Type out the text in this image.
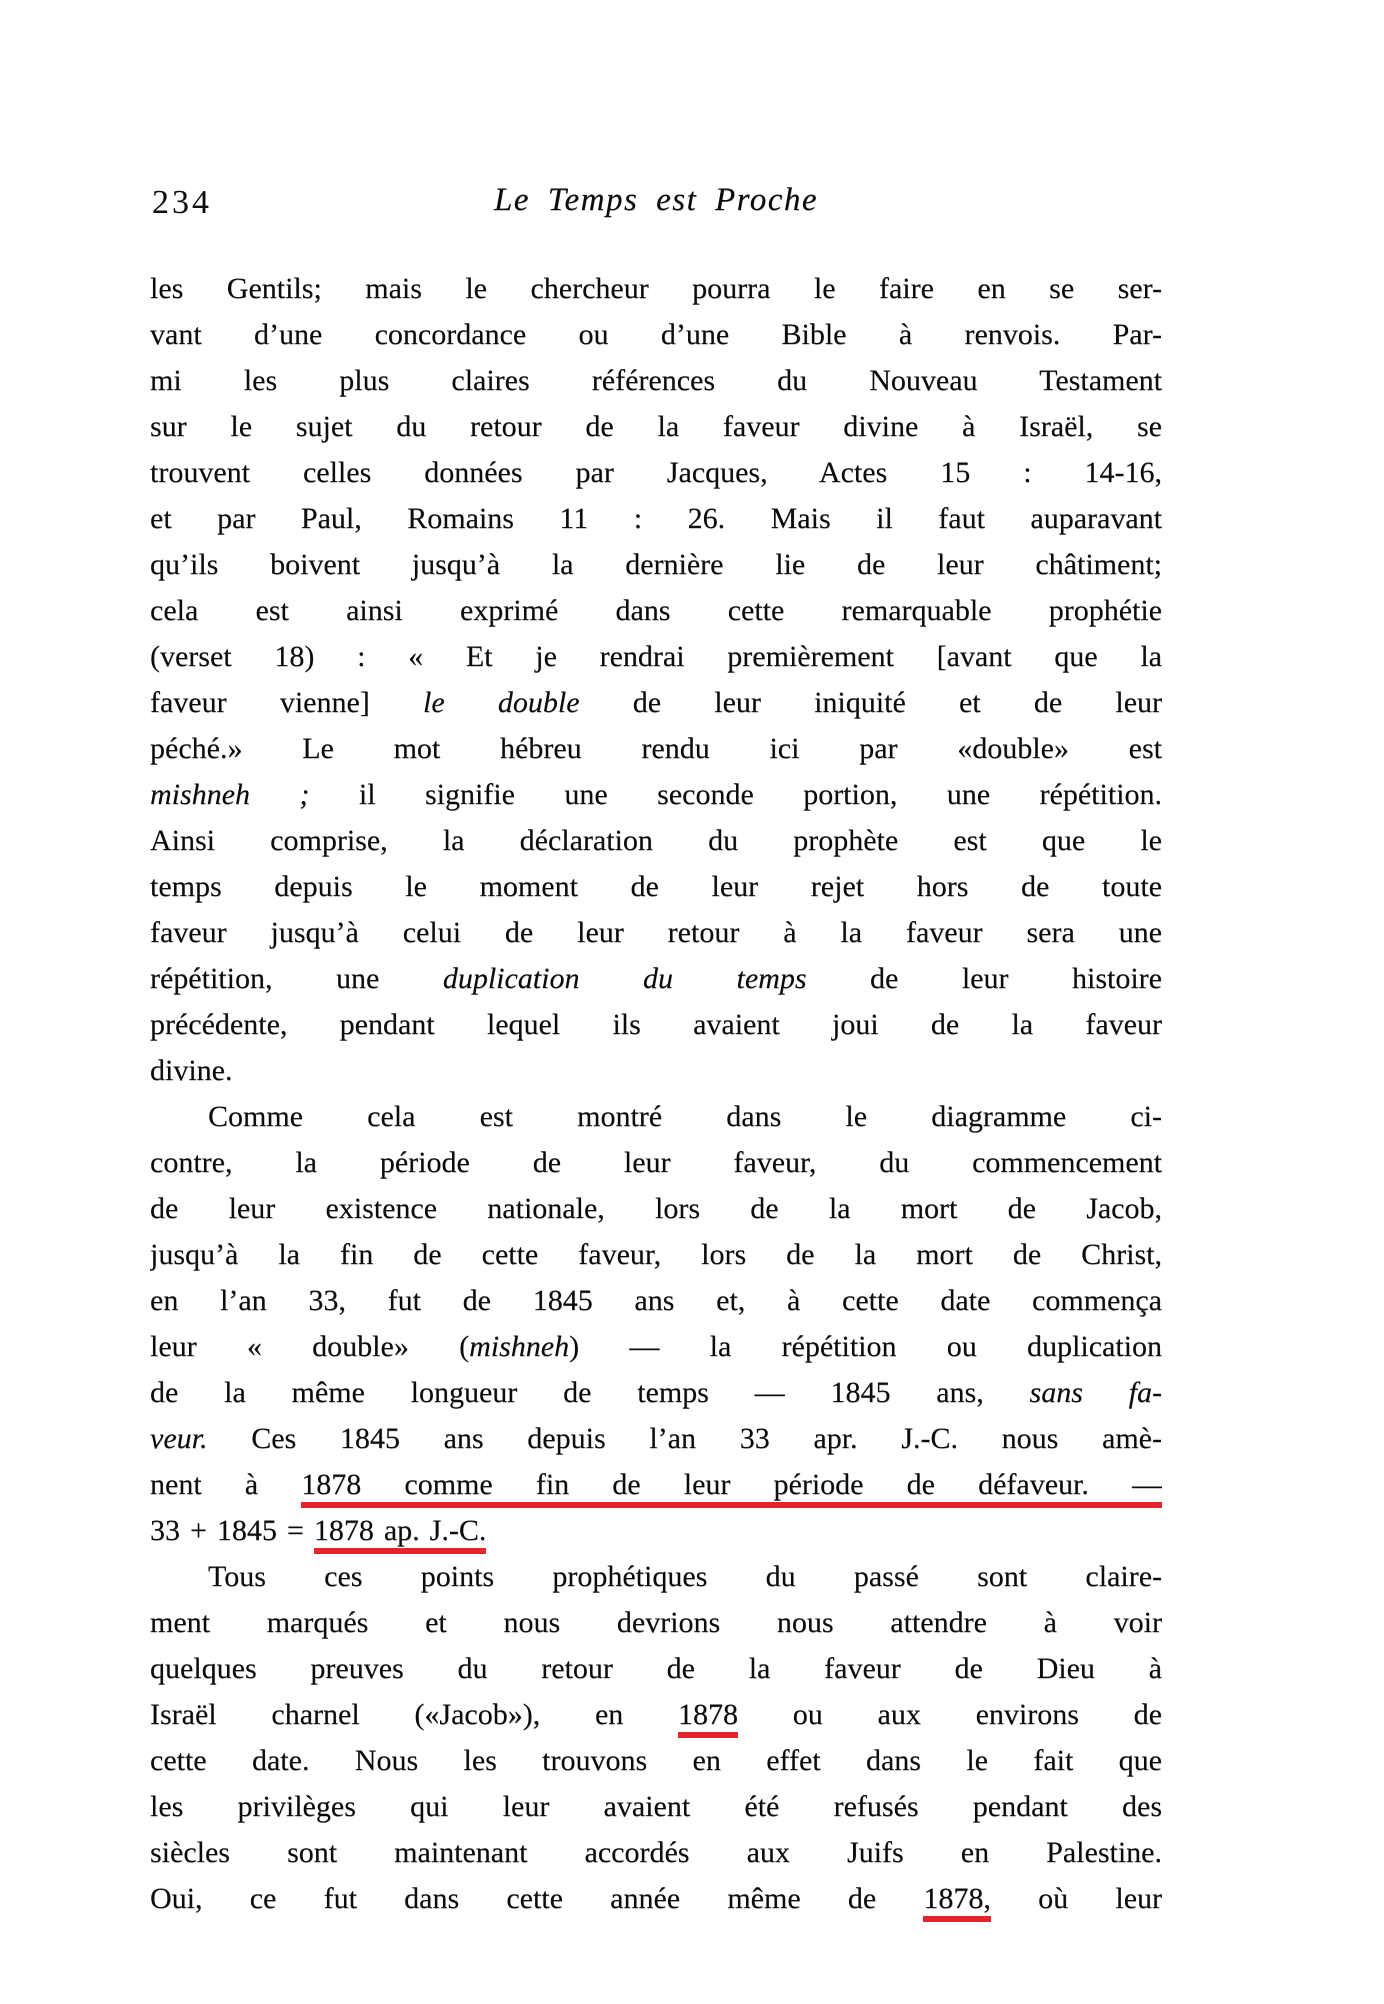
234	Le Temps est Proche
les Gentils; mais le chercheur pourra le faire en se ser-
vant d’une concordance ou d’une Bible à renvois. Par-
mi les plus claires références du Nouveau Testament
sur le sujet du retour de la faveur divine à Israël, se
trouvent celles données par Jacques, Actes 15 : 14-16,
et par Paul, Romains 11 : 26. Mais il faut auparavant
qu’ils boivent jusqu’à la dernière lie de leur châtiment;
cela est ainsi exprimé dans cette remarquable prophétie
(verset 18) : « Et je rendrai premièrement [avant que la
faveur vienne] le double de leur iniquité et de leur
péché.» Le mot hébreu rendu ici par «double» est
mishneh ; il signifie une seconde portion, une répétition.
Ainsi comprise, la déclaration du prophète est que le
temps depuis le moment de leur rejet hors de toute
faveur jusqu’à celui de leur retour à la faveur sera une
répétition, une duplication du temps de leur histoire
précédente, pendant lequel ils avaient joui de la faveur
divine.
Comme cela est montré dans le diagramme ci-
contre, la période de leur faveur, du commencement
de leur existence nationale, lors de la mort de Jacob,
jusqu’à la fin de cette faveur, lors de la mort de Christ,
en l’an 33, fut de 1845 ans et, à cette date commença
leur « double» (mishneh) — la répétition ou duplication
de la même longueur de temps — 1845 ans, sans fa-
veur. Ces 1845 ans depuis l’an 33 apr. J.-C. nous amè-
nent à 1878 comme fin de leur période de défaveur. —
33 + 1845 = 1878 ap. J.-C.
Tous ces points prophétiques du passé sont claire-
ment marqués et nous devrions nous attendre à voir
quelques preuves du retour de la faveur de Dieu à
Israël charnel («Jacob»), en 1878 ou aux environs de
cette date. Nous les trouvons en effet dans le fait que
les privilèges qui leur avaient été refusés pendant des
siècles sont maintenant accordés aux Juifs en Palestine.
Oui, ce fut dans cette année même de 1878, où leur
